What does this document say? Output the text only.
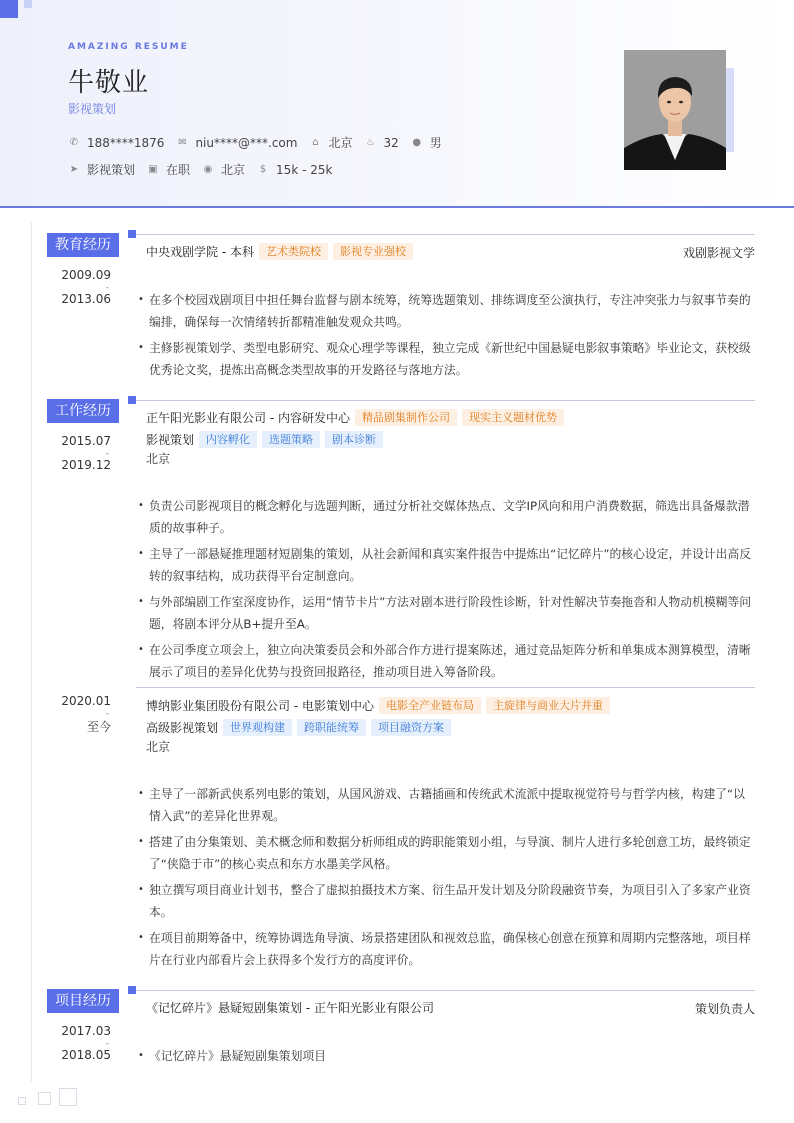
AMAZING RESUME
牛敬业
影视策划
✆ 188****1876 ✉ niu****@***.com ⌂ 北京 ♨ 32 ● 男
➤ 影视策划 ▣ 在职 ◉ 北京 $ 15k - 25k
教育经历	中央戏剧学院 - 本科	艺术类院校	影视专业强校	戏剧影视文学
2009.09
-
2013.06	• 在多个校园戏剧项目中担任舞台监督与剧本统筹，统筹选题策划、排练调度至公演执行，专注冲突张力与叙事节奏的编排，确保每一次情绪转折都精准触发观众共鸣。
• 主修影视策划学、类型电影研究、观众心理学等课程，独立完成《新世纪中国悬疑电影叙事策略》毕业论文，获校级优秀论文奖，提炼出高概念类型故事的开发路径与落地方法。
工作经历	正午阳光影业有限公司 - 内容研发中心	精品剧集制作公司	现实主义题材优势
影视策划	内容孵化	选题策略	剧本诊断
北京
2015.07
-
2019.12
• 负责公司影视项目的概念孵化与选题判断，通过分析社交媒体热点、文学IP风向和用户消费数据，筛选出具备爆款潜质的故事种子。
• 主导了一部悬疑推理题材短剧集的策划，从社会新闻和真实案件报告中提炼出“记忆碎片”的核心设定，并设计出高反转的叙事结构，成功获得平台定制意向。
• 与外部编剧工作室深度协作，运用“情节卡片”方法对剧本进行阶段性诊断，针对性解决节奏拖沓和人物动机模糊等问题，将剧本评分从B+提升至A。
• 在公司季度立项会上，独立向决策委员会和外部合作方进行提案陈述，通过竞品矩阵分析和单集成本测算模型，清晰展示了项目的差异化优势与投资回报路径，推动项目进入筹备阶段。
博纳影业集团股份有限公司 - 电影策划中心	电影全产业链布局	主旋律与商业大片并重
高级影视策划	世界观构建	跨职能统筹	项目融资方案
北京
2020.01
-
至今
• 主导了一部新武侠系列电影的策划，从国风游戏、古籍插画和传统武术流派中提取视觉符号与哲学内核，构建了“以情入武”的差异化世界观。
• 搭建了由分集策划、美术概念师和数据分析师组成的跨职能策划小组，与导演、制片人进行多轮创意工坊，最终锁定了“侠隐于市”的核心卖点和东方水墨美学风格。
• 独立撰写项目商业计划书，整合了虚拟拍摄技术方案、衍生品开发计划及分阶段融资节奏，为项目引入了多家产业资本。
• 在项目前期筹备中，统筹协调选角导演、场景搭建团队和视效总监，确保核心创意在预算和周期内完整落地，项目样片在行业内部看片会上获得多个发行方的高度评价。
项目经历	《记忆碎片》悬疑短剧集策划 - 正午阳光影业有限公司	策划负责人
2017.03
-
2018.05	• 《记忆碎片》悬疑短剧集策划项目
